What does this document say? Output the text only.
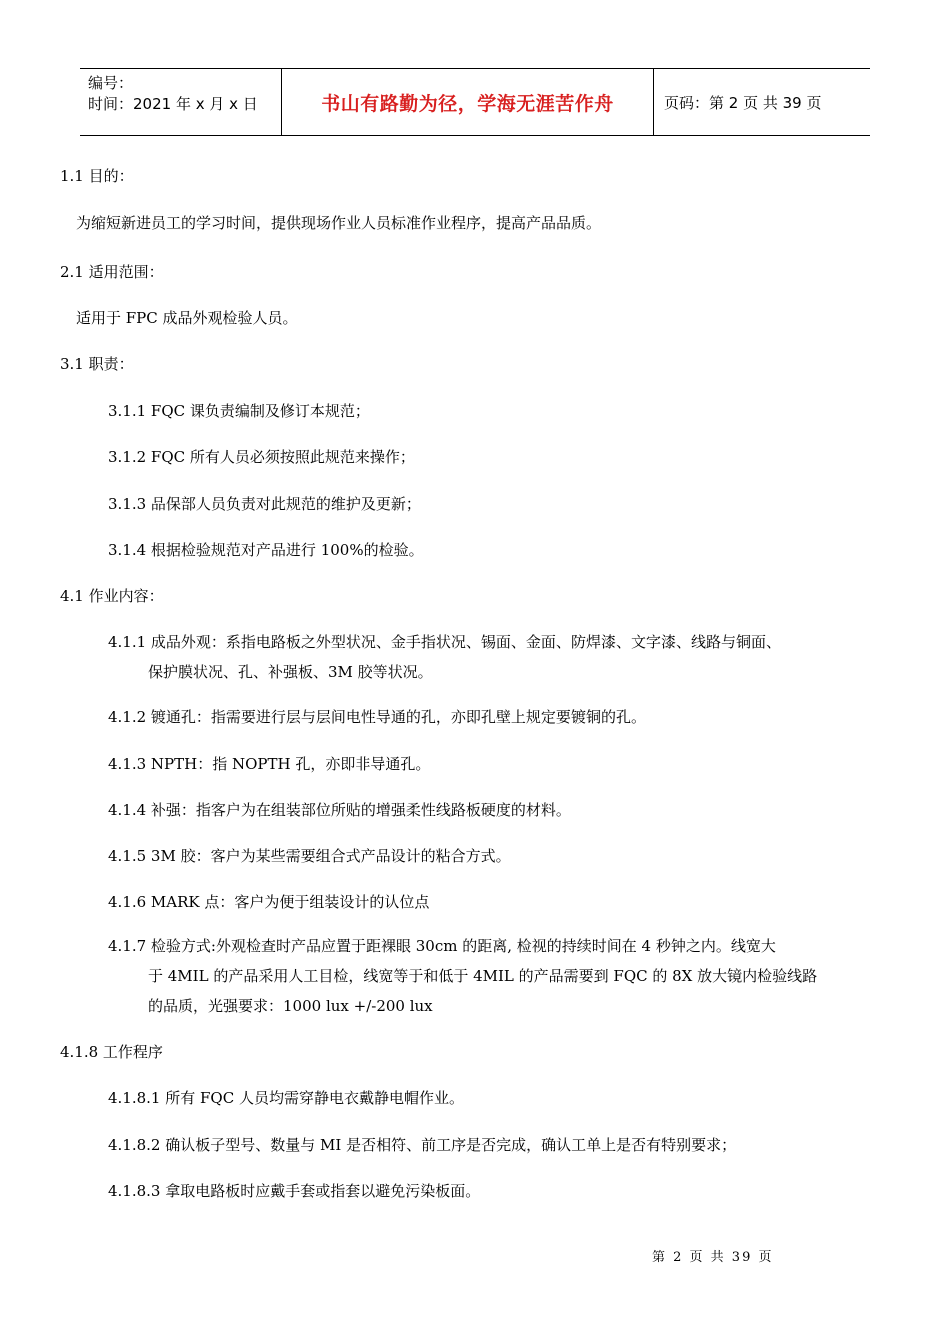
编号：
时间：2021 年 x 月 x 日	书山有路勤为径，学海无涯苦作舟	页码：第 2 页 共 39 页
1.1 目的：
为缩短新进员工的学习时间，提供现场作业人员标准作业程序，提高产品品质。
2.1 适用范围：
适用于 FPC 成品外观检验人员。
3.1 职责：
3.1.1 FQC 课负责编制及修订本规范；
3.1.2 FQC 所有人员必须按照此规范来操作；
3.1.3 品保部人员负责对此规范的维护及更新；
3.1.4 根据检验规范对产品进行 100%的检验。
4.1 作业内容：
4.1.1 成品外观：系指电路板之外型状况、金手指状况、锡面、金面、防焊漆、文字漆、线路与铜面、
保护膜状况、孔、补强板、3M 胶等状况。
4.1.2 镀通孔：指需要进行层与层间电性导通的孔，亦即孔壁上规定要镀铜的孔。
4.1.3 NPTH：指 NOPTH 孔，亦即非导通孔。
4.1.4 补强：指客户为在组装部位所贴的增强柔性线路板硬度的材料。
4.1.5 3M 胶：客户为某些需要组合式产品设计的粘合方式。
4.1.6 MARK 点：客户为便于组装设计的认位点
4.1.7 检验方式:外观检查时产品应置于距裸眼 30cm 的距离, 检视的持续时间在 4 秒钟之内。线宽大
于 4MIL 的产品采用人工目检，线宽等于和低于 4MIL 的产品需要到 FQC 的 8X 放大镜内检验线路
的品质，光强要求：1000 lux +/-200 lux
4.1.8 工作程序
4.1.8.1 所有 FQC 人员均需穿静电衣戴静电帽作业。
4.1.8.2 确认板子型号、数量与 MI 是否相符、前工序是否完成，确认工单上是否有特别要求；
4.1.8.3 拿取电路板时应戴手套或指套以避免污染板面。
第 2 页 共 39 页
